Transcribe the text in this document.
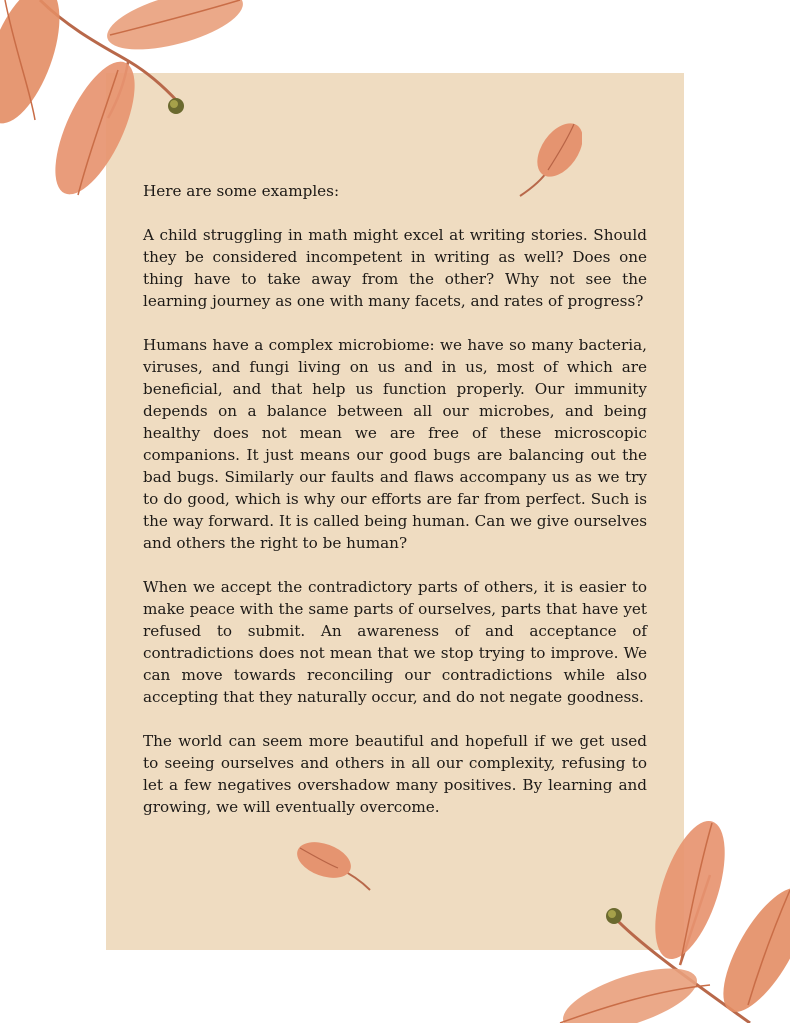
Here are some examples:

A child struggling in math might excel at writing stories. Should they be considered incompetent in writing as well? Does one thing have to take away from the other? Why not see the learning journey as one with many facets, and rates of progress?

Humans have a complex microbiome: we have so many bacteria, viruses, and fungi living on us and in us, most of which are beneficial, and that help us function properly. Our immunity depends on a balance between all our microbes, and being healthy does not mean we are free of these microscopic companions. It just means our good bugs are balancing out the bad bugs. Similarly our faults and flaws accompany us as we try to do good, which is why our efforts are far from perfect. Such is the way forward. It is called being human. Can we give ourselves and others the right to be human?

When we accept the contradictory parts of others, it is easier to make peace with the same parts of ourselves, parts that have yet refused to submit. An awareness of and acceptance of contradictions does not mean that we stop trying to improve. We can move towards reconciling our contradictions while also accepting that they naturally occur, and do not negate goodness.

The world can seem more beautiful and hopefull if we get used to seeing ourselves and others in all our complexity, refusing to let a few negatives overshadow many positives. By learning and growing, we will eventually overcome.
